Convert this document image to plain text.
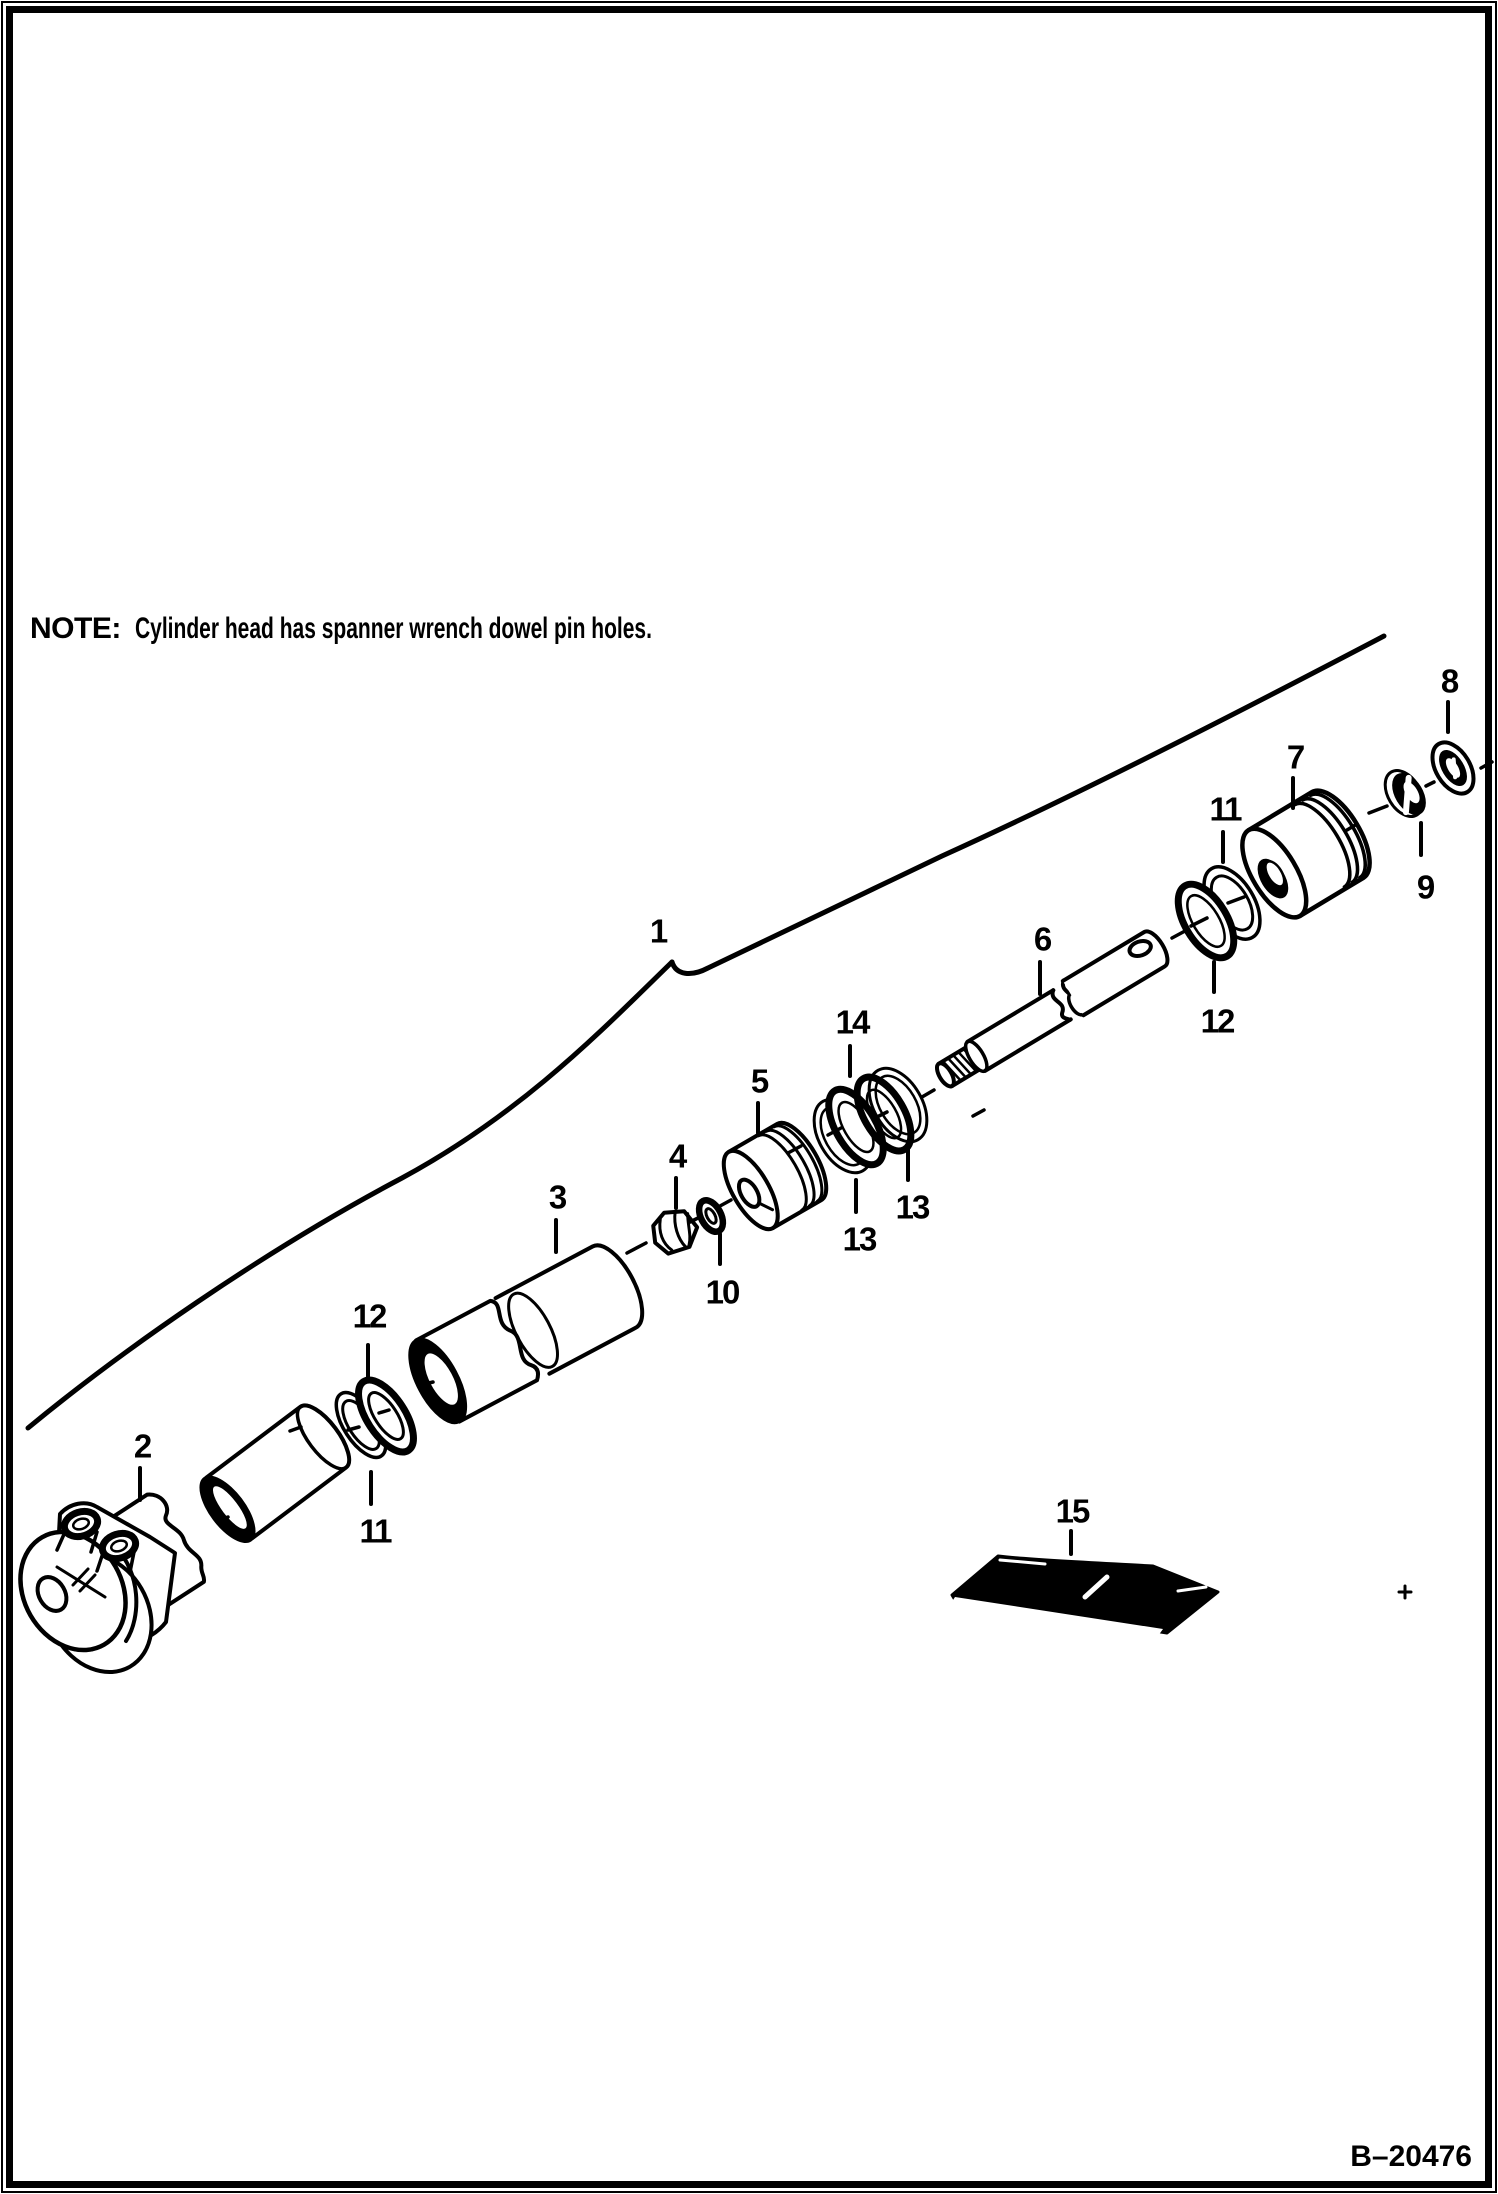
NOTE: Cylinder head has spanner wrench dowel pin holes.
1
2
3
4
5
6
7
8
9
10
11
12
11
12
13
13
14
15
B–20476
